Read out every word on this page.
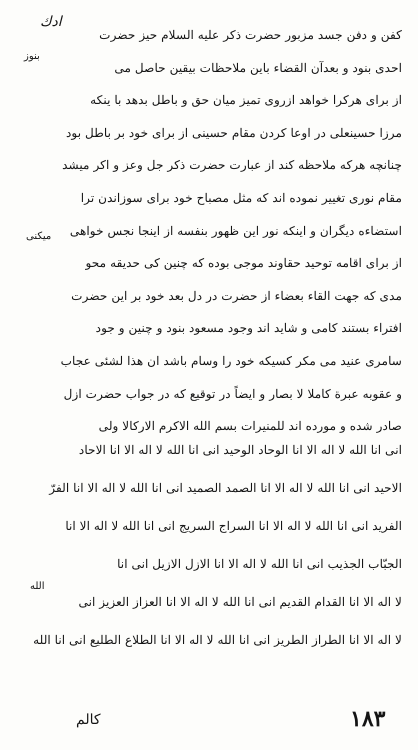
ادك
بنوز
میکنی
الله
کفن و دفن جسد مزبور حضرت ذکر علیه السلام حیز حضرت
احدی بنود و بعدآن القضاء باین ملاحظات بیقین حاصل می
از برای هرکرا خواهد ازروی تمیز میان حق و باطل بدهد با ینکه
مرزا حسینعلی در اوعا کردن مقام حسینی از برای خود بر باطل بود
چنانچه هرکه ملاحظه کند از عبارت حضرت ذکر جل وعز و اکر میشد
مقام نوری تغییر نموده اند که مثل مصباح خود برای سوزاندن ترا
استضاءه دیگران و اینکه نور این ظهور بنفسه از اینجا نجس خواهی
از برای اقامه توحید حقاوند موجی بوده که چنین کی حدیقه محو
مدی که جهت القاء بعضاء از حضرت در دل بعد خود بر این حضرت
افتراء بستند کامی و شاید اند وجود مسعود بنود و چنین و جود
سامری عنید می مکر کسیکه خود را وسام باشد ان هذا لشئی عجاب
و عقوبه عبرة کاملا لا بصار و ایضاً در توقیع که در جواب حضرت ازل
صادر شده و مورده اند للمنیرات بسم الله الاکرم الارکالا ولی
انی انا الله لا اله الا انا الوحاد الوحید انی انا الله لا اله الا انا الاحاد
الاحید انی انا الله لا اله الا انا الصمد الصمید انی انا الله لا اله الا انا الفرّ
الفرید انی انا الله لا اله الا انا السراج السریج انی انا الله لا اله الا انا
الجبّاب الجذیب انی انا الله لا اله الا انا الازل الازیل انی انا
لا اله الا انا القدام القدیم انی انا الله لا اله الا انا العزاز العزیز انی
لا اله الا انا الطراز الطریز انی انا الله لا اله الا انا الطلاع الطلیع انی انا الله
کالم	۱۸۳
